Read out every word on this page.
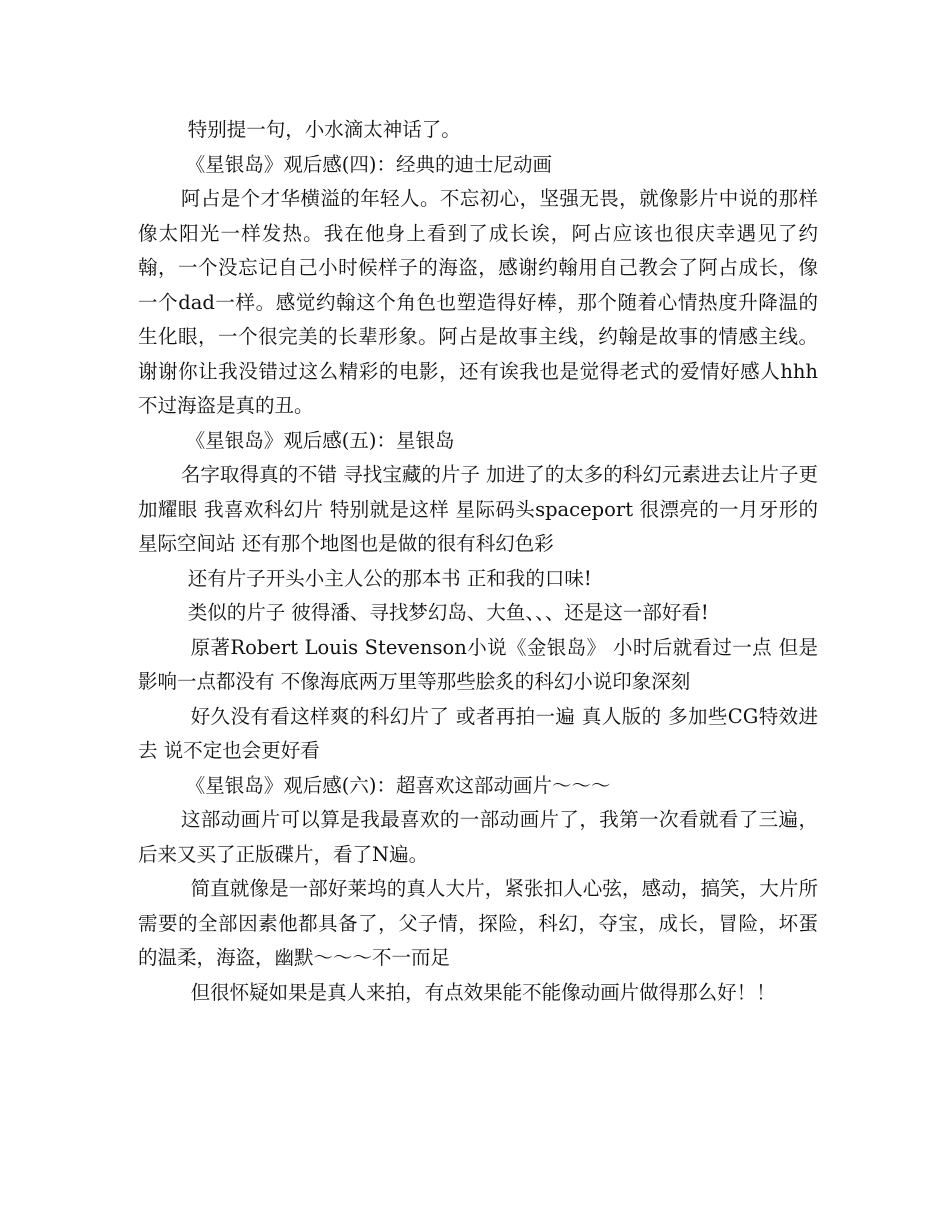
特别提一句，小水滴太神话了。

《星银岛》观后感(四)：经典的迪士尼动画

阿占是个才华横溢的年轻人。不忘初心，坚强无畏，就像影片中说的那样 像太阳光一样发热。我在他身上看到了成长诶，阿占应该也很庆幸遇见了约翰，一个没忘记自己小时候样子的海盗，感谢约翰用自己教会了阿占成长，像一个dad一样。感觉约翰这个角色也塑造得好棒，那个随着心情热度升降温的生化眼，一个很完美的长辈形象。阿占是故事主线，约翰是故事的情感主线。谢谢你让我没错过这么精彩的电影，还有诶我也是觉得老式的爱情好感人hhh不过海盗是真的丑。

《星银岛》观后感(五)：星银岛

名字取得真的不错 寻找宝藏的片子 加进了的太多的科幻元素进去让片子更加耀眼 我喜欢科幻片 特别就是这样 星际码头spaceport 很漂亮的一月牙形的星际空间站 还有那个地图也是做的很有科幻色彩

还有片子开头小主人公的那本书 正和我的口味!

类似的片子 彼得潘、寻找梦幻岛、大鱼、、、还是这一部好看!

原著Robert Louis Stevenson小说《金银岛》 小时后就看过一点 但是影响一点都没有 不像海底两万里等那些脍炙的科幻小说印象深刻

好久没有看这样爽的科幻片了 或者再拍一遍 真人版的 多加些CG特效进去 说不定也会更好看

《星银岛》观后感(六)：超喜欢这部动画片～～～

这部动画片可以算是我最喜欢的一部动画片了，我第一次看就看了三遍，后来又买了正版碟片，看了N遍。

简直就像是一部好莱坞的真人大片，紧张扣人心弦，感动，搞笑，大片所需要的全部因素他都具备了，父子情，探险，科幻，夺宝，成长，冒险，坏蛋的温柔，海盗，幽默～～～不一而足

但很怀疑如果是真人来拍，有点效果能不能像动画片做得那么好！！
